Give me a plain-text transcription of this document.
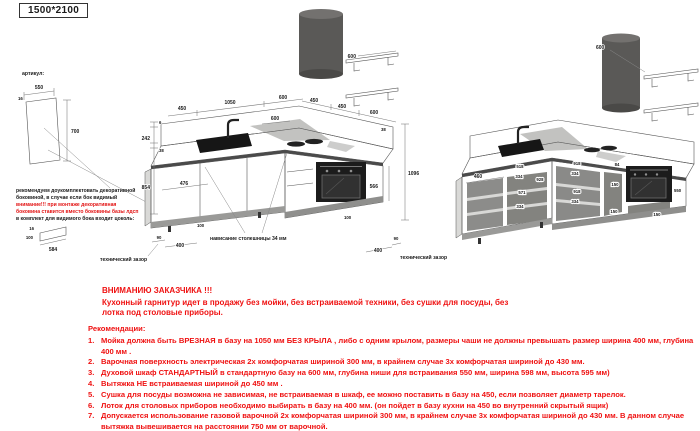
1500*2100
артикул:
550
16
700
рекомендуем доукомплектовать декоративной
боковиной, в случае если бок видимый
внимание!!! при монтаже декоративная
боковина ставится вместо боковины базы лдсп
в комплект для видимого бока входит цоколь:
16
100
584
600
450
1050
600	450
450
600
600
6
242
38
854
476
38
566
1096
100
100
90
400
технический зазор
400
90
технический зазор
нависание столешницы 34 мм
600
460
550
518
334
571
334
928
918
334
918
334
84
150
150
150
ВНИМАНИЮ ЗАКАЗЧИКА !!!
Кухонный гарнитур идет в продажу без мойки, без встраиваемой техники, без сушки для посуды, без
лотка под столовые приборы.
Рекомендации:
1. Мойка должна быть ВРЕЗНАЯ в базу на 1050 мм БЕЗ КРЫЛА , либо с одним крылом, размеры чаши не должны превышать размер ширина 400 мм, глубина 400 мм .
2. Варочная поверхность электрическая 2х комфорчатая шириной 300 мм, в крайнем случае 3х комфорчатая шириной до 430 мм.
3. Духовой шкаф СТАНДАРТНЫЙ в стандартную базу на 600 мм, глубина ниши для встраивания 550 мм, ширина 598 мм, высота 595 мм)
4. Вытяжка НЕ встраиваемая шириной до 450 мм .
5. Сушка для посуды возможна не зависимая, не встраиваемая в шкаф, ее можно поставить в базу на 450, если позволяет диаметр тарелок.
6. Лоток для столовых приборов необходимо выбирать в базу на 400 мм. (он пойдет в базу кухни на 450 во внутренний скрытый ящик)
7. Допускается использование газовой варочной 2х комфорчатая шириной 300 мм, в крайнем случае 3х комфорчатая шириной до 430 мм. В данном случае вытяжка вывешивается на расстоянии 750 мм от варочной.
